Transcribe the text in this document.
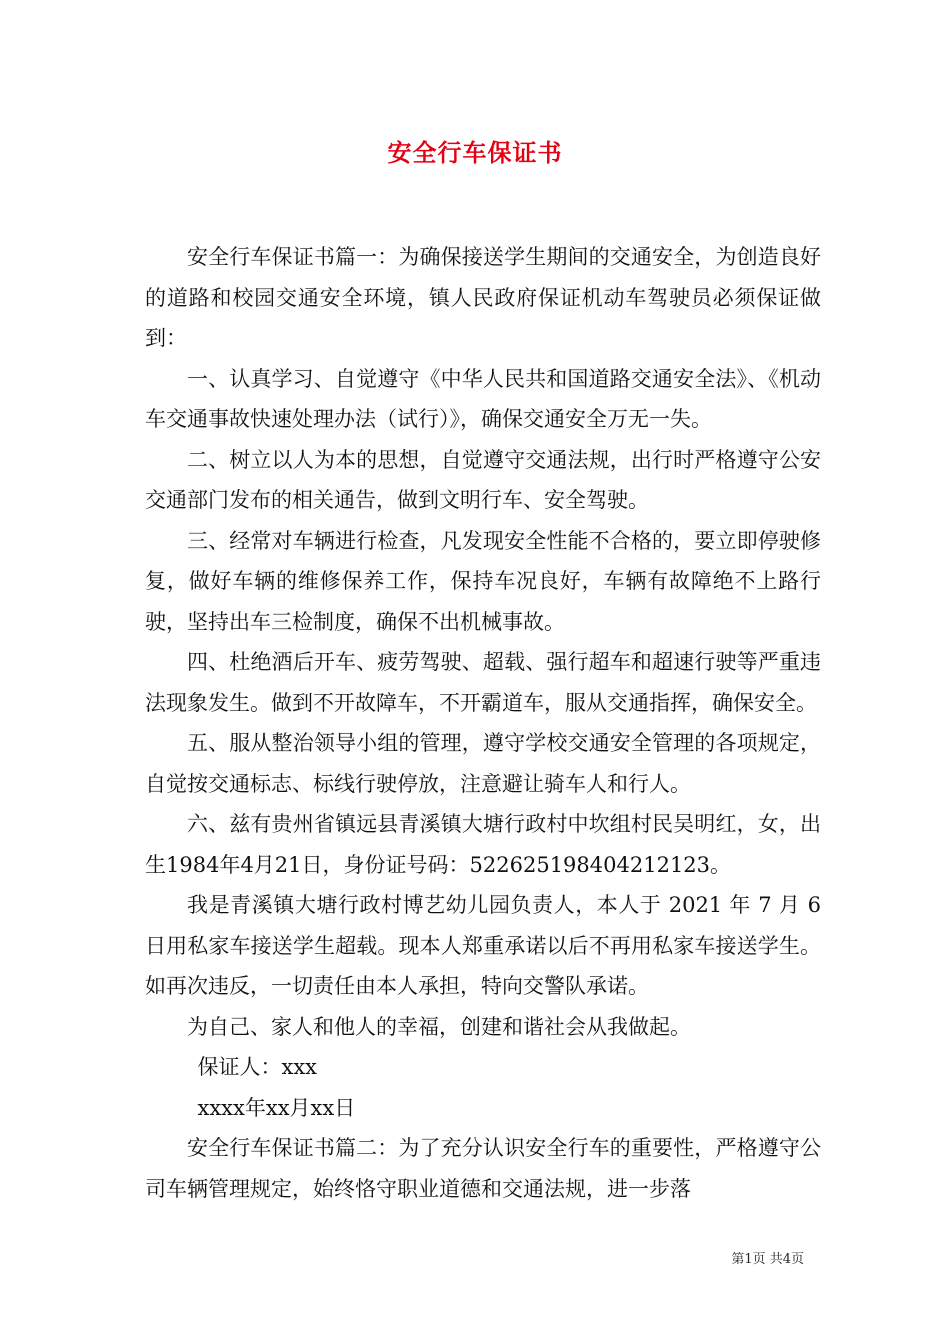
安全行车保证书

安全行车保证书篇一：为确保接送学生期间的交通安全，为创造良好的道路和校园交通安全环境，镇人民政府保证机动车驾驶员必须保证做到：

一、认真学习、自觉遵守《中华人民共和国道路交通安全法》、《机动车交通事故快速处理办法（试行）》，确保交通安全万无一失。

二、树立以人为本的思想，自觉遵守交通法规，出行时严格遵守公安交通部门发布的相关通告，做到文明行车、安全驾驶。

三、经常对车辆进行检查，凡发现安全性能不合格的，要立即停驶修复，做好车辆的维修保养工作，保持车况良好，车辆有故障绝不上路行驶，坚持出车三检制度，确保不出机械事故。

四、杜绝酒后开车、疲劳驾驶、超载、强行超车和超速行驶等严重违法现象发生。做到不开故障车，不开霸道车，服从交通指挥，确保安全。

五、服从整治领导小组的管理，遵守学校交通安全管理的各项规定，自觉按交通标志、标线行驶停放，注意避让骑车人和行人。

六、兹有贵州省镇远县青溪镇大塘行政村中坎组村民吴明红，女，出生1984年4月21日，身份证号码：522625198404212123。

我是青溪镇大塘行政村博艺幼儿园负责人，本人于 2021 年 7 月 6 日用私家车接送学生超载。现本人郑重承诺以后不再用私家车接送学生。如再次违反，一切责任由本人承担，特向交警队承诺。

为自己、家人和他人的幸福，创建和谐社会从我做起。

保证人：xxx

xxxx年xx月xx日

安全行车保证书篇二：为了充分认识安全行车的重要性，严格遵守公司车辆管理规定，始终恪守职业道德和交通法规，进一步落

第1页 共4页
